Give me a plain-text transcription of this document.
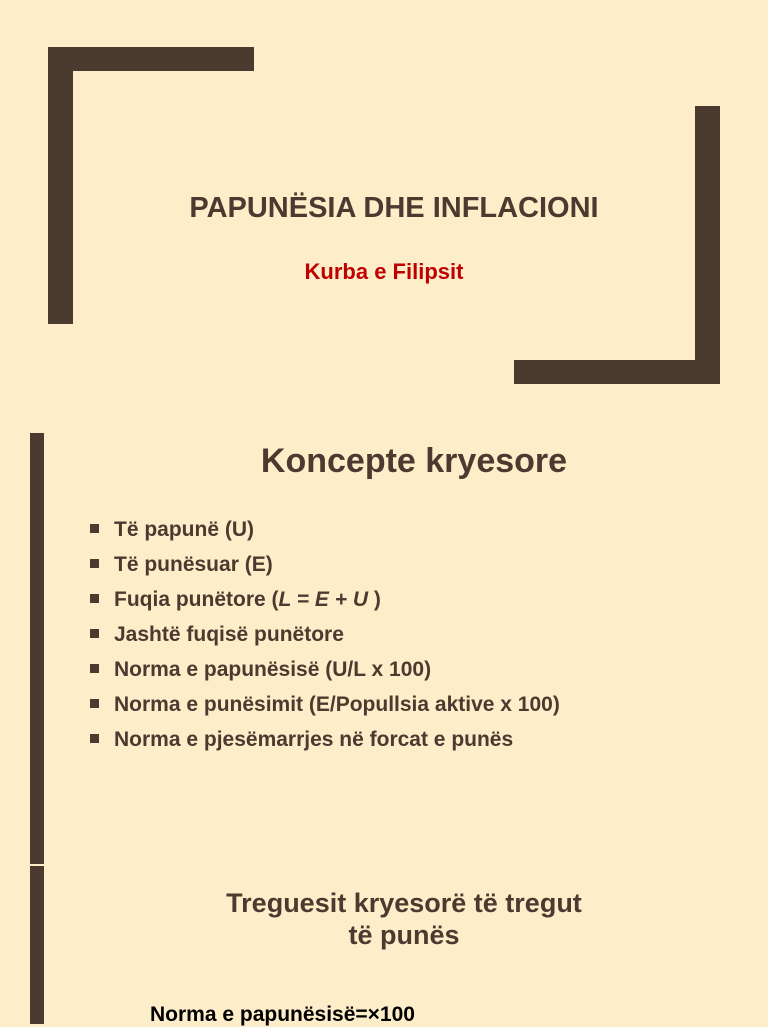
PAPUNËSIA DHE INFLACIONI
Kurba e Filipsit
Koncepte kryesore
Të papunë (U)
Të punësuar (E)
Fuqia punëtore (L = E + U )
Jashtë fuqisë punëtore
Norma e papunësisë (U/L x 100)
Norma e punësimit (E/Popullsia aktive x 100)
Norma e pjesëmarrjes në forcat e punës
Treguesit kryesorë të tregut
të punës
Norma e papunësisë=×100
